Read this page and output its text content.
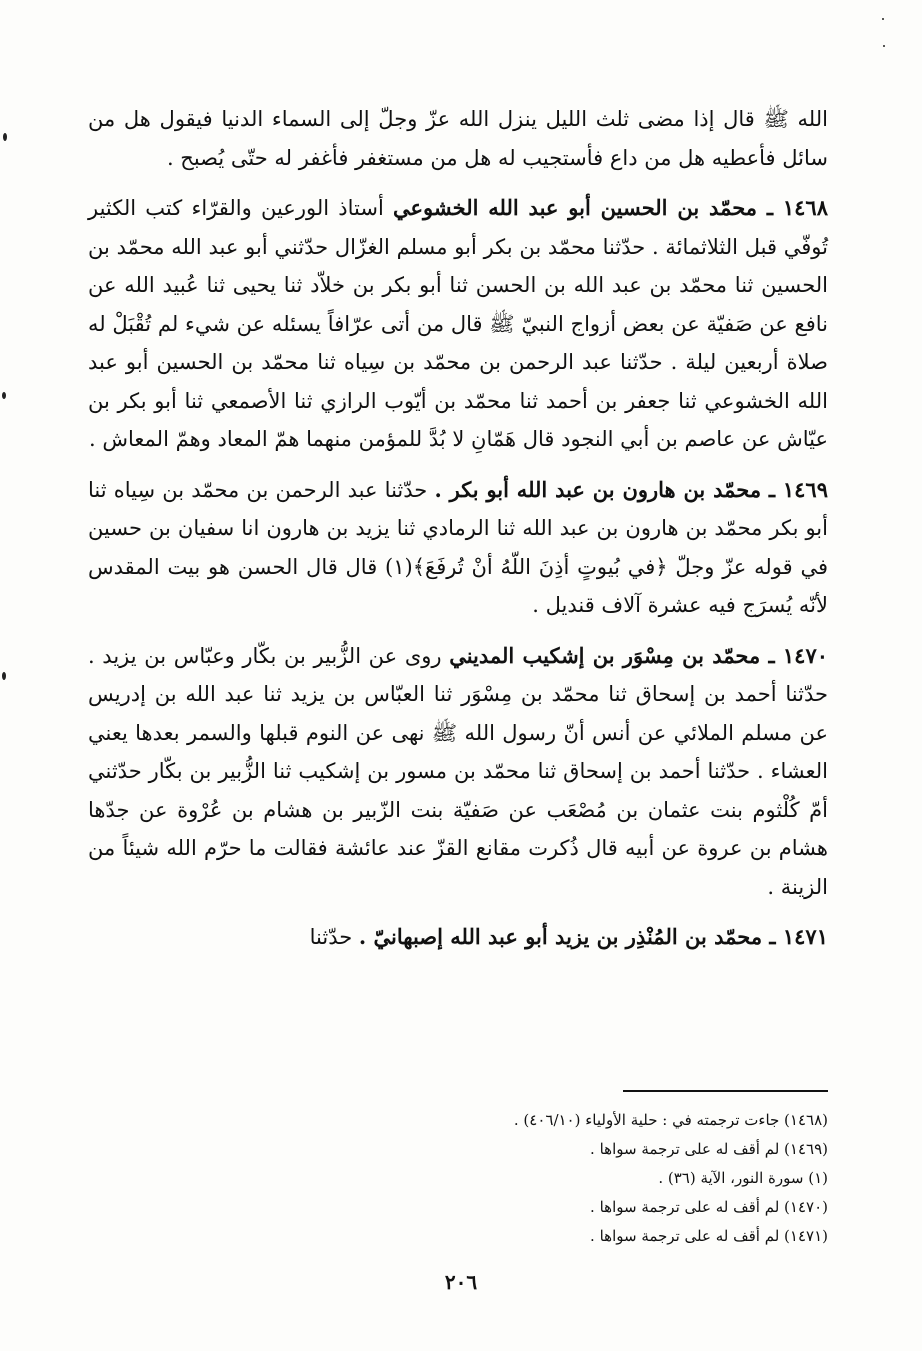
الله ﷺ قال إذا مضى ثلث الليل ينزل الله عزّ وجلّ إلى السماء الدنيا فيقول هل من سائل فأعطيه هل من داع فأستجيب له هل من مستغفر فأغفر له حتّى يُصبح .

١٤٦٨ ـ محمّد بن الحسين أبو عبد الله الخشوعي أستاذ الورعين والقرّاء كتب الكثير تُوفّي قبل الثلاثمائة . حدّثنا محمّد بن بكر أبو مسلم الغزّال حدّثني أبو عبد الله محمّد بن الحسين ثنا محمّد بن عبد الله بن الحسن ثنا أبو بكر بن خلاّد ثنا يحيى ثنا عُبيد الله عن نافع عن صَفيّة عن بعض أزواج النبيّ ﷺ قال من أتى عرّافاً يسئله عن شيء لم تُقْبَلْ له صلاة أربعين ليلة . حدّثنا عبد الرحمن بن محمّد بن سِياه ثنا محمّد بن الحسين أبو عبد الله الخشوعي ثنا جعفر بن أحمد ثنا محمّد بن أيّوب الرازي ثنا الأصمعي ثنا أبو بكر بن عيّاش عن عاصم بن أبي النجود قال هَمّانِ لا بُدَّ للمؤمن منهما همّ المعاد وهمّ المعاش .

١٤٦٩ ـ محمّد بن هارون بن عبد الله أبو بكر . حدّثنا عبد الرحمن بن محمّد بن سِياه ثنا أبو بكر محمّد بن هارون بن عبد الله ثنا الرمادي ثنا يزيد بن هارون انا سفيان بن حسين في قوله عزّ وجلّ ﴿في بُيوتٍ أذِنَ اللّهُ أنْ تُرفَعَ﴾(١) قال قال الحسن هو بيت المقدس لأنّه يُسرَج فيه عشرة آلاف قنديل .

١٤٧٠ ـ محمّد بن مِسْوَر بن إشكيب المديني روى عن الزُّبير بن بكّار وعبّاس بن يزيد . حدّثنا أحمد بن إسحاق ثنا محمّد بن مِسْوَر ثنا العبّاس بن يزيد ثنا عبد الله بن إدريس عن مسلم الملائي عن أنس أنّ رسول الله ﷺ نهى عن النوم قبلها والسمر بعدها يعني العشاء . حدّثنا أحمد بن إسحاق ثنا محمّد بن مسور بن إشكيب ثنا الزُّبير بن بكّار حدّثني أمّ كُلْثوم بنت عثمان بن مُصْعَب عن صَفيّة بنت الزّبير بن هشام بن عُرْوة عن جدّها هشام بن عروة عن أبيه قال ذُكرت مقانع القزّ عند عائشة فقالت ما حرّم الله شيئاً من الزينة .

١٤٧١ ـ محمّد بن المُنْذِر بن يزيد أبو عبد الله إصبهانيّ . حدّثنا

(١٤٦٨) جاءت ترجمته في : حلية الأولياء (٤٠٦/١٠) .
(١٤٦٩) لم أقف له على ترجمة سواها .
(١) سورة النور، الآية (٣٦) .
(١٤٧٠) لم أقف له على ترجمة سواها .
(١٤٧١) لم أقف له على ترجمة سواها .
٢٠٦
